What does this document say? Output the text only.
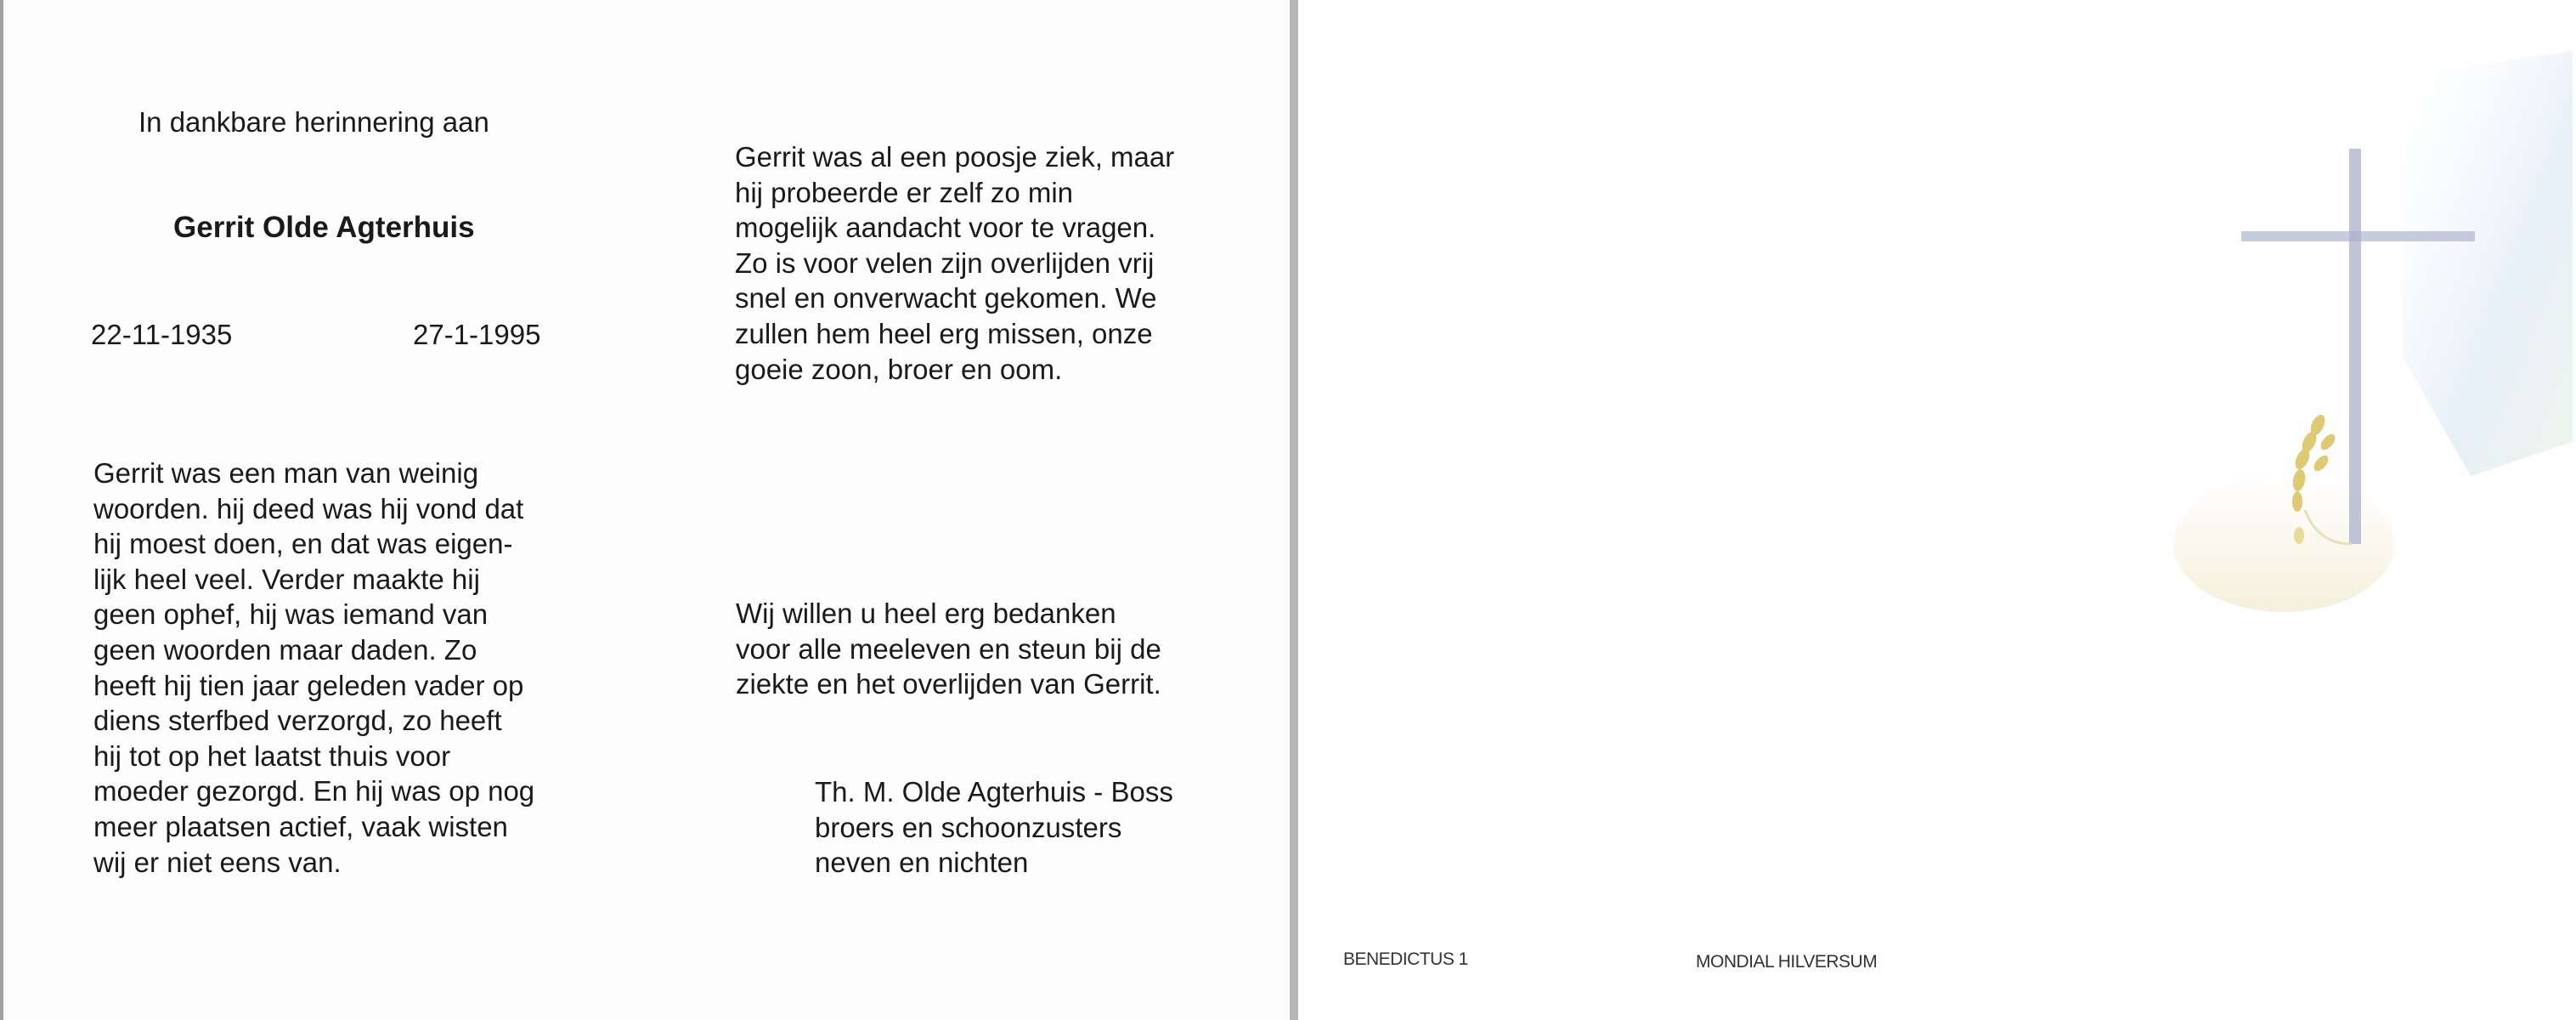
In dankbare herinnering aan
Gerrit Olde Agterhuis
22-11-1935	27-1-1995
Gerrit was een man van weinig
woorden. hij deed was hij vond dat
hij moest doen, en dat was eigen-
lijk heel veel. Verder maakte hij
geen ophef, hij was iemand van
geen woorden maar daden. Zo
heeft hij tien jaar geleden vader op
diens sterfbed verzorgd, zo heeft
hij tot op het laatst thuis voor
moeder gezorgd. En hij was op nog
meer plaatsen actief, vaak wisten
wij er niet eens van.
Gerrit was al een poosje ziek, maar
hij probeerde er zelf zo min
mogelijk aandacht voor te vragen.
Zo is voor velen zijn overlijden vrij
snel en onverwacht gekomen. We
zullen hem heel erg missen, onze
goeie zoon, broer en oom.
Wij willen u heel erg bedanken
voor alle meeleven en steun bij de
ziekte en het overlijden van Gerrit.
Th. M. Olde Agterhuis - Boss
broers en schoonzusters
neven en nichten
BENEDICTUS 1	MONDIAL HILVERSUM
